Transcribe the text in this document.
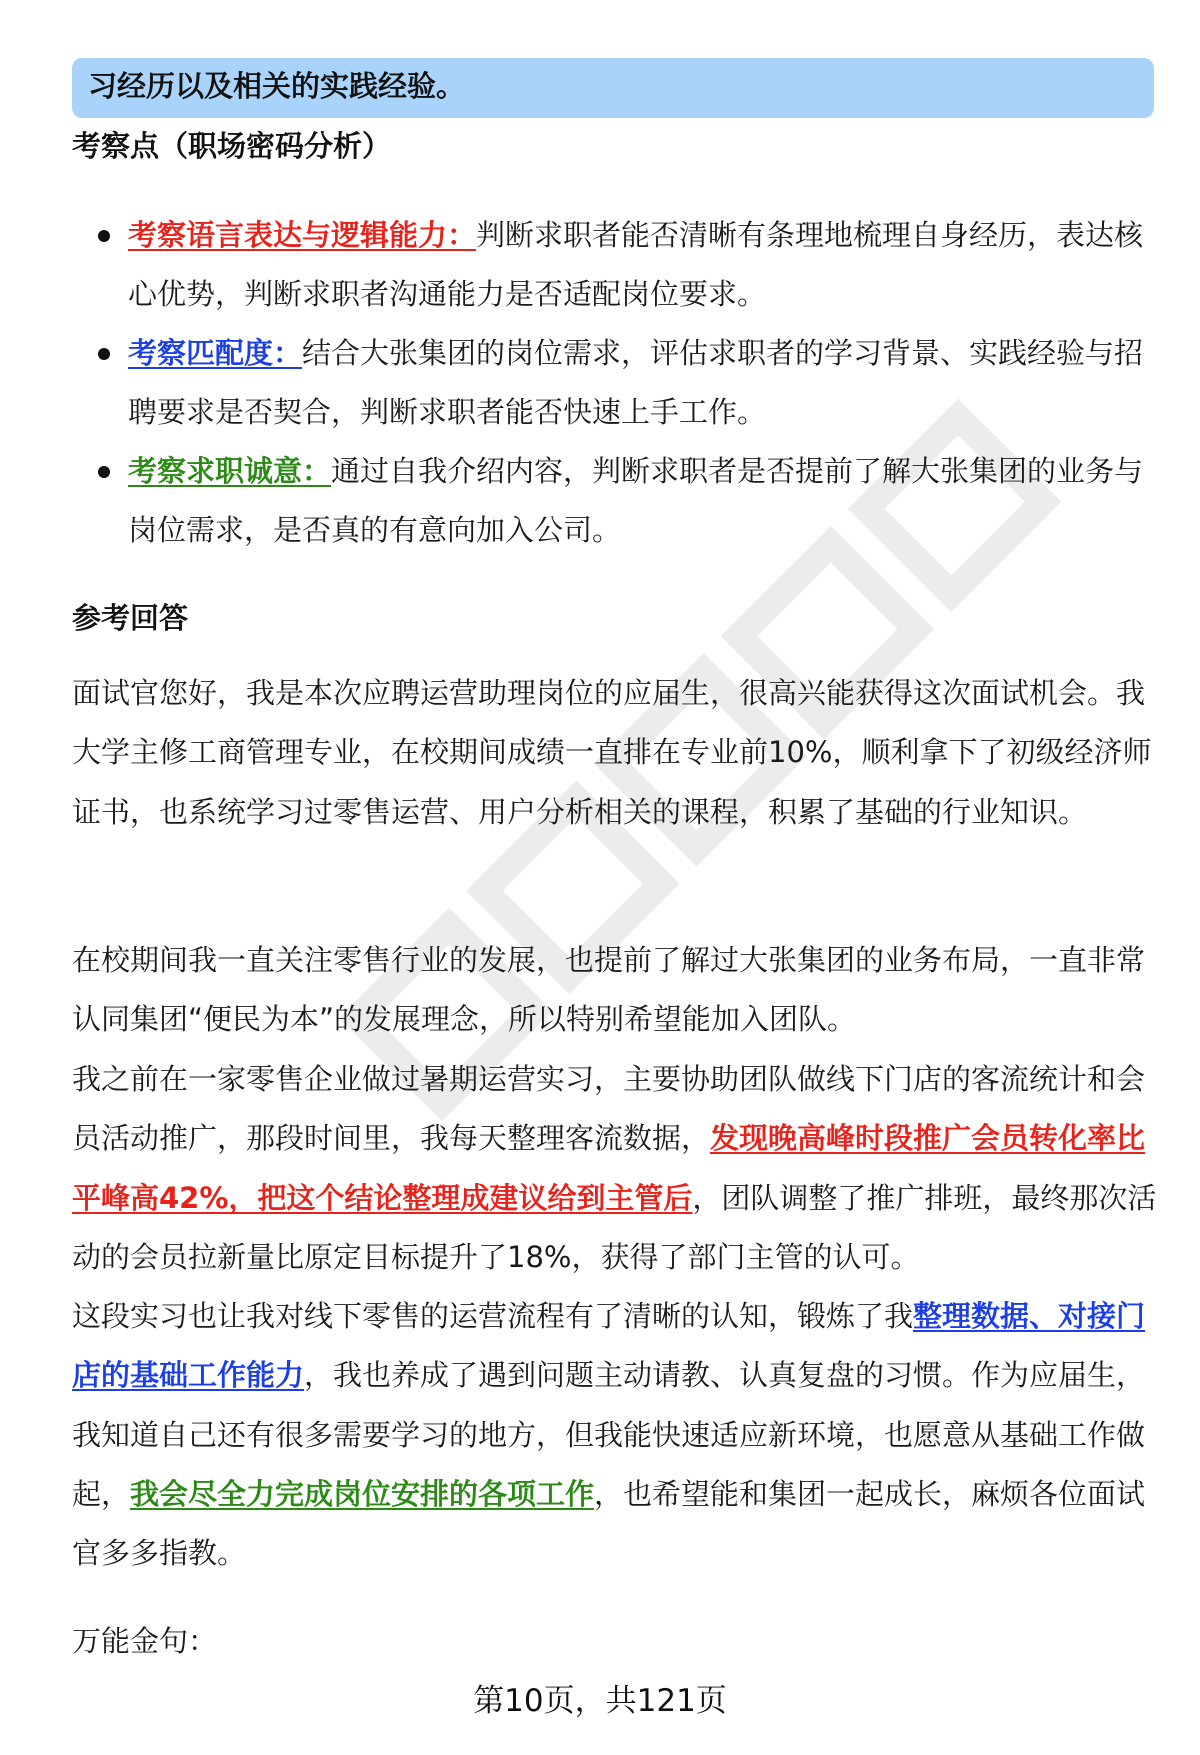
习经历以及相关的实践经验。
考察点（职场密码分析）
考察语言表达与逻辑能力：判断求职者能否清晰有条理地梳理自身经历，表达核心优势，判断求职者沟通能力是否适配岗位要求。
考察匹配度：结合大张集团的岗位需求，评估求职者的学习背景、实践经验与招聘要求是否契合，判断求职者能否快速上手工作。
考察求职诚意：通过自我介绍内容，判断求职者是否提前了解大张集团的业务与岗位需求，是否真的有意向加入公司。
参考回答

面试官您好，我是本次应聘运营助理岗位的应届生，很高兴能获得这次面试机会。我大学主修工商管理专业，在校期间成绩一直排在专业前10%，顺利拿下了初级经济师证书，也系统学习过零售运营、用户分析相关的课程，积累了基础的行业知识。

在校期间我一直关注零售行业的发展，也提前了解过大张集团的业务布局，一直非常认同集团“便民为本”的发展理念，所以特别希望能加入团队。

我之前在一家零售企业做过暑期运营实习，主要协助团队做线下门店的客流统计和会员活动推广，那段时间里，我每天整理客流数据，发现晚高峰时段推广会员转化率比平峰高42%，把这个结论整理成建议给到主管后，团队调整了推广排班，最终那次活动的会员拉新量比原定目标提升了18%，获得了部门主管的认可。

这段实习也让我对线下零售的运营流程有了清晰的认知，锻炼了我整理数据、对接门店的基础工作能力，我也养成了遇到问题主动请教、认真复盘的习惯。作为应届生，我知道自己还有很多需要学习的地方，但我能快速适应新环境，也愿意从基础工作做起，我会尽全力完成岗位安排的各项工作，也希望能和集团一起成长，麻烦各位面试官多多指教。

万能金句：
第10页，共121页
